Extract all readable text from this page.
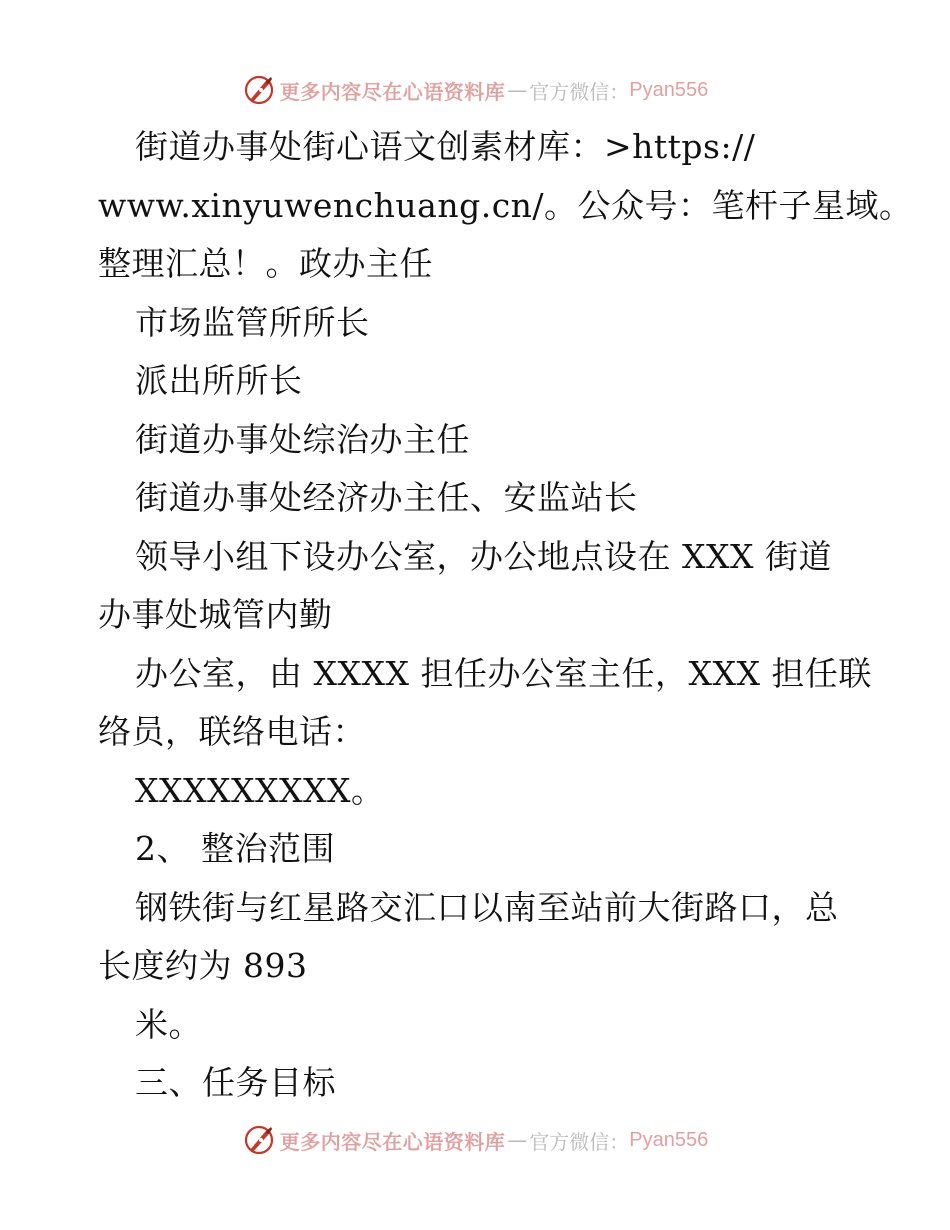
更多内容尽在心语资料库 — 官方微信： Pyan556

街道办事处街心语文创素材库：>https://

www.xinyuwenchuang.cn/。公众号：笔杆子星域。

整理汇总！。政办主任

市场监管所所长

派出所所长

街道办事处综治办主任

街道办事处经济办主任、安监站长

领导小组下设办公室，办公地点设在 XXX 街道

办事处城管内勤

办公室，由 XXXX 担任办公室主任，XXX 担任联

络员，联络电话：

XXXXXXXXX。

2、 整治范围

钢铁街与红星路交汇口以南至站前大街路口，总

长度约为 893

米。

三、任务目标

更多内容尽在心语资料库 — 官方微信： Pyan556
